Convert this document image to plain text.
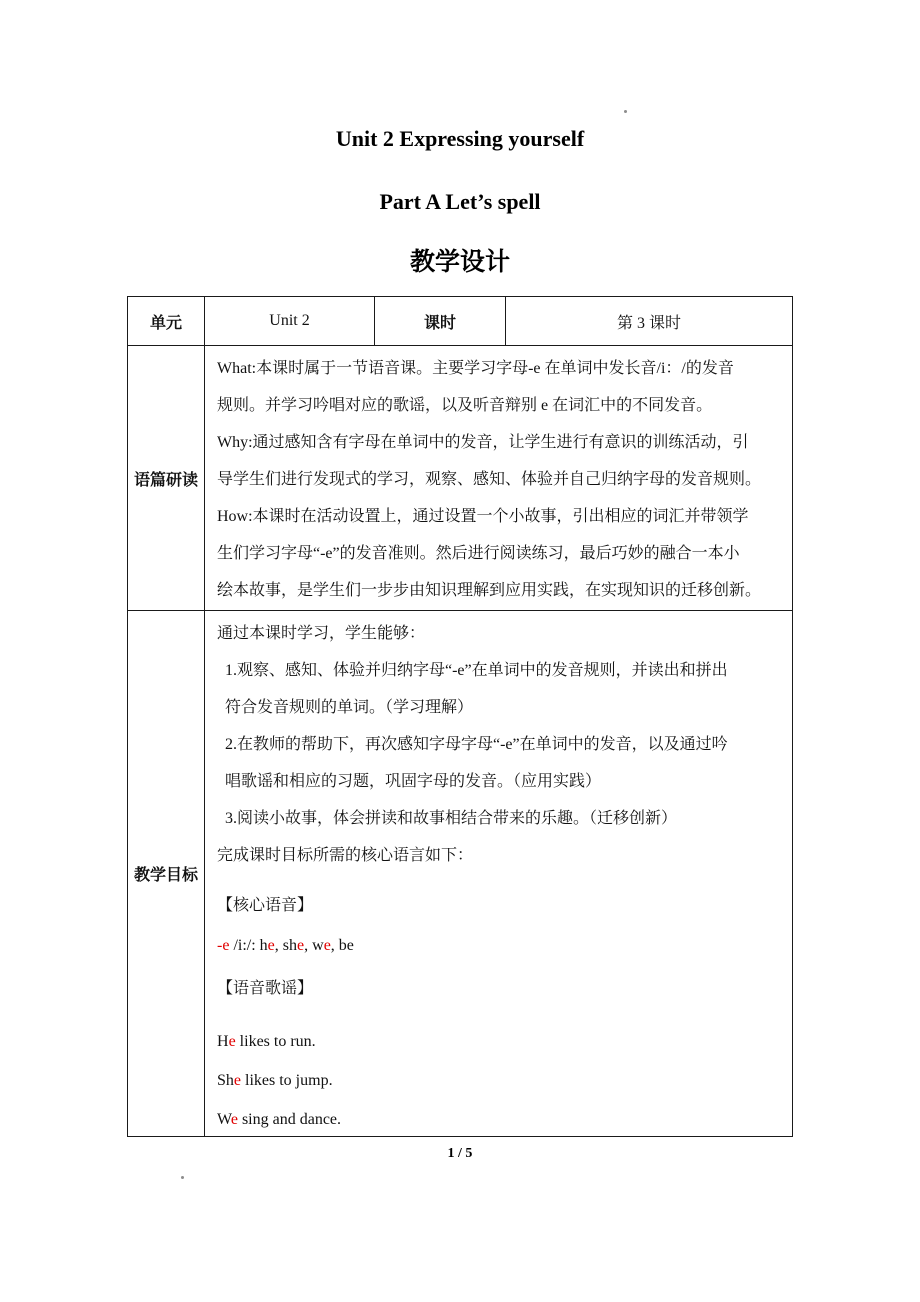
Unit 2 Expressing yourself
Part A Let’s spell
教学设计
单元	Unit 2	课时	第 3 课时
语篇研读
What:本课时属于一节语音课。主要学习字母-e 在单词中发长音/i：/的发音
规则。并学习吟唱对应的歌谣，以及听音辩别 e 在词汇中的不同发音。
Why:通过感知含有字母在单词中的发音，让学生进行有意识的训练活动，引
导学生们进行发现式的学习，观察、感知、体验并自己归纳字母的发音规则。
How:本课时在活动设置上，通过设置一个小故事，引出相应的词汇并带领学
生们学习字母“-e”的发音准则。然后进行阅读练习，最后巧妙的融合一本小
绘本故事，是学生们一步步由知识理解到应用实践，在实现知识的迁移创新。
教学目标
通过本课时学习，学生能够：
1.观察、感知、体验并归纳字母“-e”在单词中的发音规则，并读出和拼出
符合发音规则的单词。（学习理解）
2.在教师的帮助下，再次感知字母字母“-e”在单词中的发音，以及通过吟
唱歌谣和相应的习题，巩固字母的发音。（应用实践）
3.阅读小故事，体会拼读和故事相结合带来的乐趣。（迁移创新）
完成课时目标所需的核心语言如下：
【核心语音】
-e /i:/: he, she, we, be
【语音歌谣】
He likes to run.
She likes to jump.
We sing and dance.
1 / 5
